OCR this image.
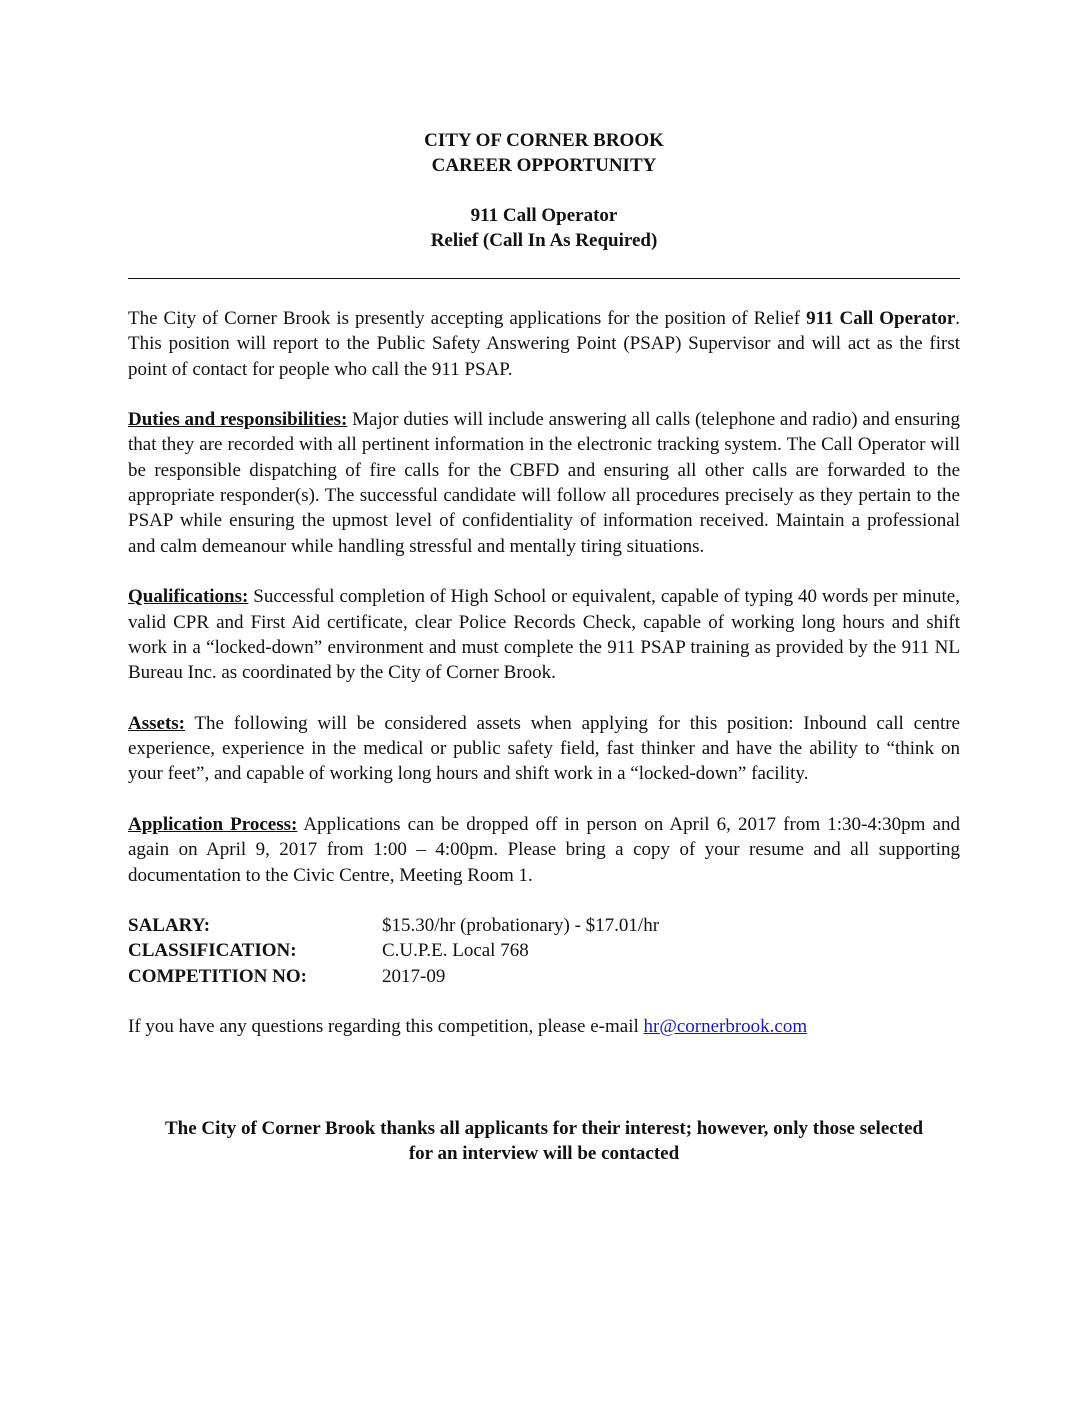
CITY OF CORNER BROOK
CAREER OPPORTUNITY
911 Call Operator
Relief (Call In As Required)

The City of Corner Brook is presently accepting applications for the position of Relief 911 Call Operator. This position will report to the Public Safety Answering Point (PSAP) Supervisor and will act as the first point of contact for people who call the 911 PSAP.

Duties and responsibilities: Major duties will include answering all calls (telephone and radio) and ensuring that they are recorded with all pertinent information in the electronic tracking system. The Call Operator will be responsible dispatching of fire calls for the CBFD and ensuring all other calls are forwarded to the appropriate responder(s). The successful candidate will follow all procedures precisely as they pertain to the PSAP while ensuring the upmost level of confidentiality of information received. Maintain a professional and calm demeanour while handling stressful and mentally tiring situations.

Qualifications: Successful completion of High School or equivalent, capable of typing 40 words per minute, valid CPR and First Aid certificate, clear Police Records Check, capable of working long hours and shift work in a “locked-down” environment and must complete the 911 PSAP training as provided by the 911 NL Bureau Inc. as coordinated by the City of Corner Brook.

Assets: The following will be considered assets when applying for this position: Inbound call centre experience, experience in the medical or public safety field, fast thinker and have the ability to “think on your feet”, and capable of working long hours and shift work in a “locked-down” facility.

Application Process: Applications can be dropped off in person on April 6, 2017 from 1:30-4:30pm and again on April 9, 2017 from 1:00 – 4:00pm. Please bring a copy of your resume and all supporting documentation to the Civic Centre, Meeting Room 1.

SALARY:	$15.30/hr (probationary) - $17.01/hr
CLASSIFICATION:	C.U.P.E. Local 768
COMPETITION NO:	2017-09

If you have any questions regarding this competition, please e-mail hr@cornerbrook.com

The City of Corner Brook thanks all applicants for their interest; however, only those selected
for an interview will be contacted
